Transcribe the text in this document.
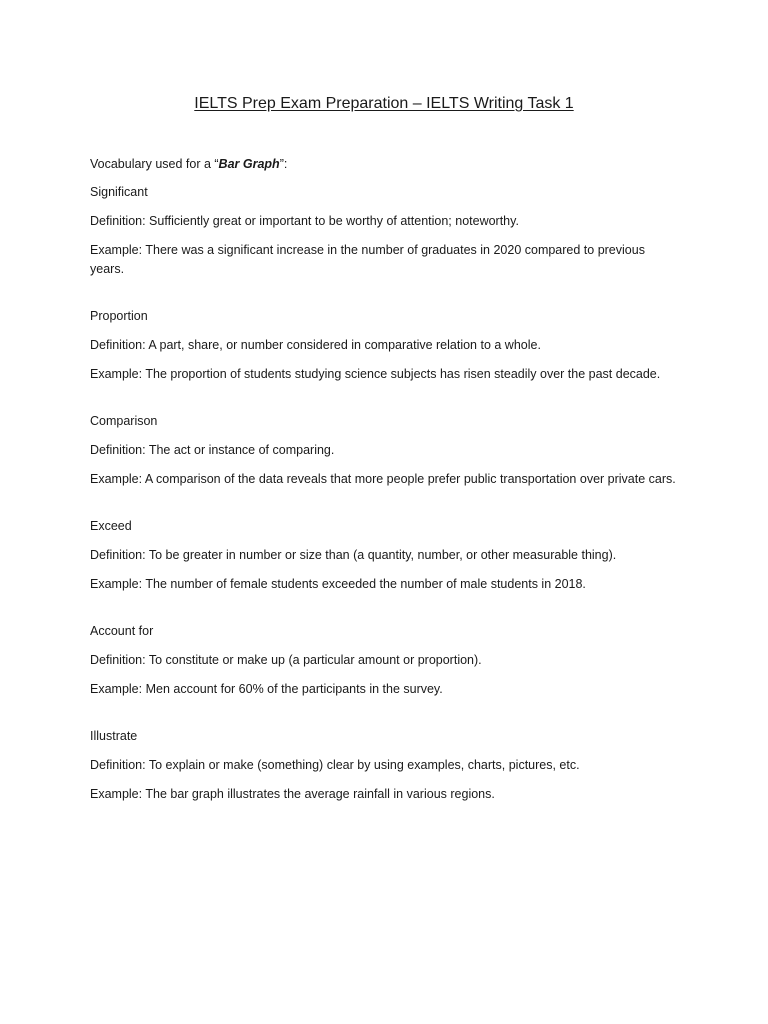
IELTS Prep Exam Preparation – IELTS Writing Task 1

Vocabulary used for a “Bar Graph”:

Significant

Definition: Sufficiently great or important to be worthy of attention; noteworthy.

Example: There was a significant increase in the number of graduates in 2020 compared to previous years.

Proportion

Definition: A part, share, or number considered in comparative relation to a whole.

Example: The proportion of students studying science subjects has risen steadily over the past decade.

Comparison

Definition: The act or instance of comparing.

Example: A comparison of the data reveals that more people prefer public transportation over private cars.

Exceed

Definition: To be greater in number or size than (a quantity, number, or other measurable thing).

Example: The number of female students exceeded the number of male students in 2018.

Account for

Definition: To constitute or make up (a particular amount or proportion).

Example: Men account for 60% of the participants in the survey.

Illustrate

Definition: To explain or make (something) clear by using examples, charts, pictures, etc.

Example: The bar graph illustrates the average rainfall in various regions.
